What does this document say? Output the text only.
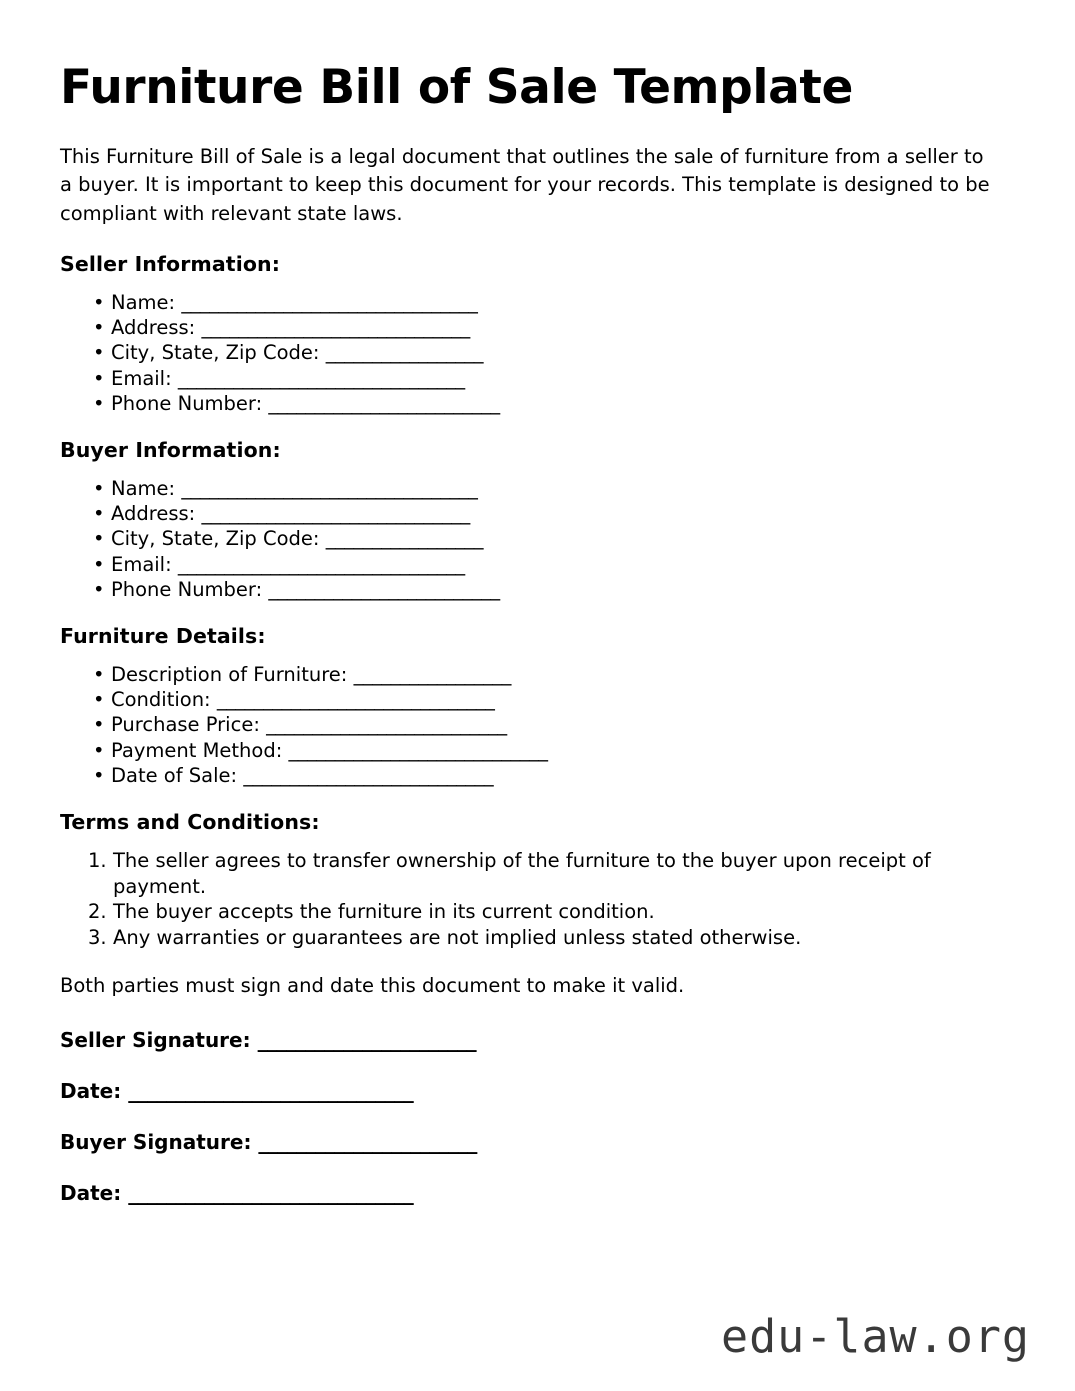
Furniture Bill of Sale Template

This Furniture Bill of Sale is a legal document that outlines the sale of furniture from a seller to a buyer. It is important to keep this document for your records. This template is designed to be compliant with relevant state laws.

Seller Information:
• Name: ________________________________
• Address: _____________________________
• City, State, Zip Code: _________________
• Email: _______________________________
• Phone Number: _________________________
Buyer Information:
• Name: ________________________________
• Address: _____________________________
• City, State, Zip Code: _________________
• Email: _______________________________
• Phone Number: _________________________
Furniture Details:
• Description of Furniture: _________________
• Condition: ______________________________
• Purchase Price: __________________________
• Payment Method: ____________________________
• Date of Sale: ___________________________
Terms and Conditions:
The seller agrees to transfer ownership of the furniture to the buyer upon receipt of payment.
The buyer accepts the furniture in its current condition.
Any warranties or guarantees are not implied unless stated otherwise.

Both parties must sign and date this document to make it valid.

Seller Signature: _______________________

Date: ______________________________

Buyer Signature: _______________________

Date: ______________________________

edu-law.org
